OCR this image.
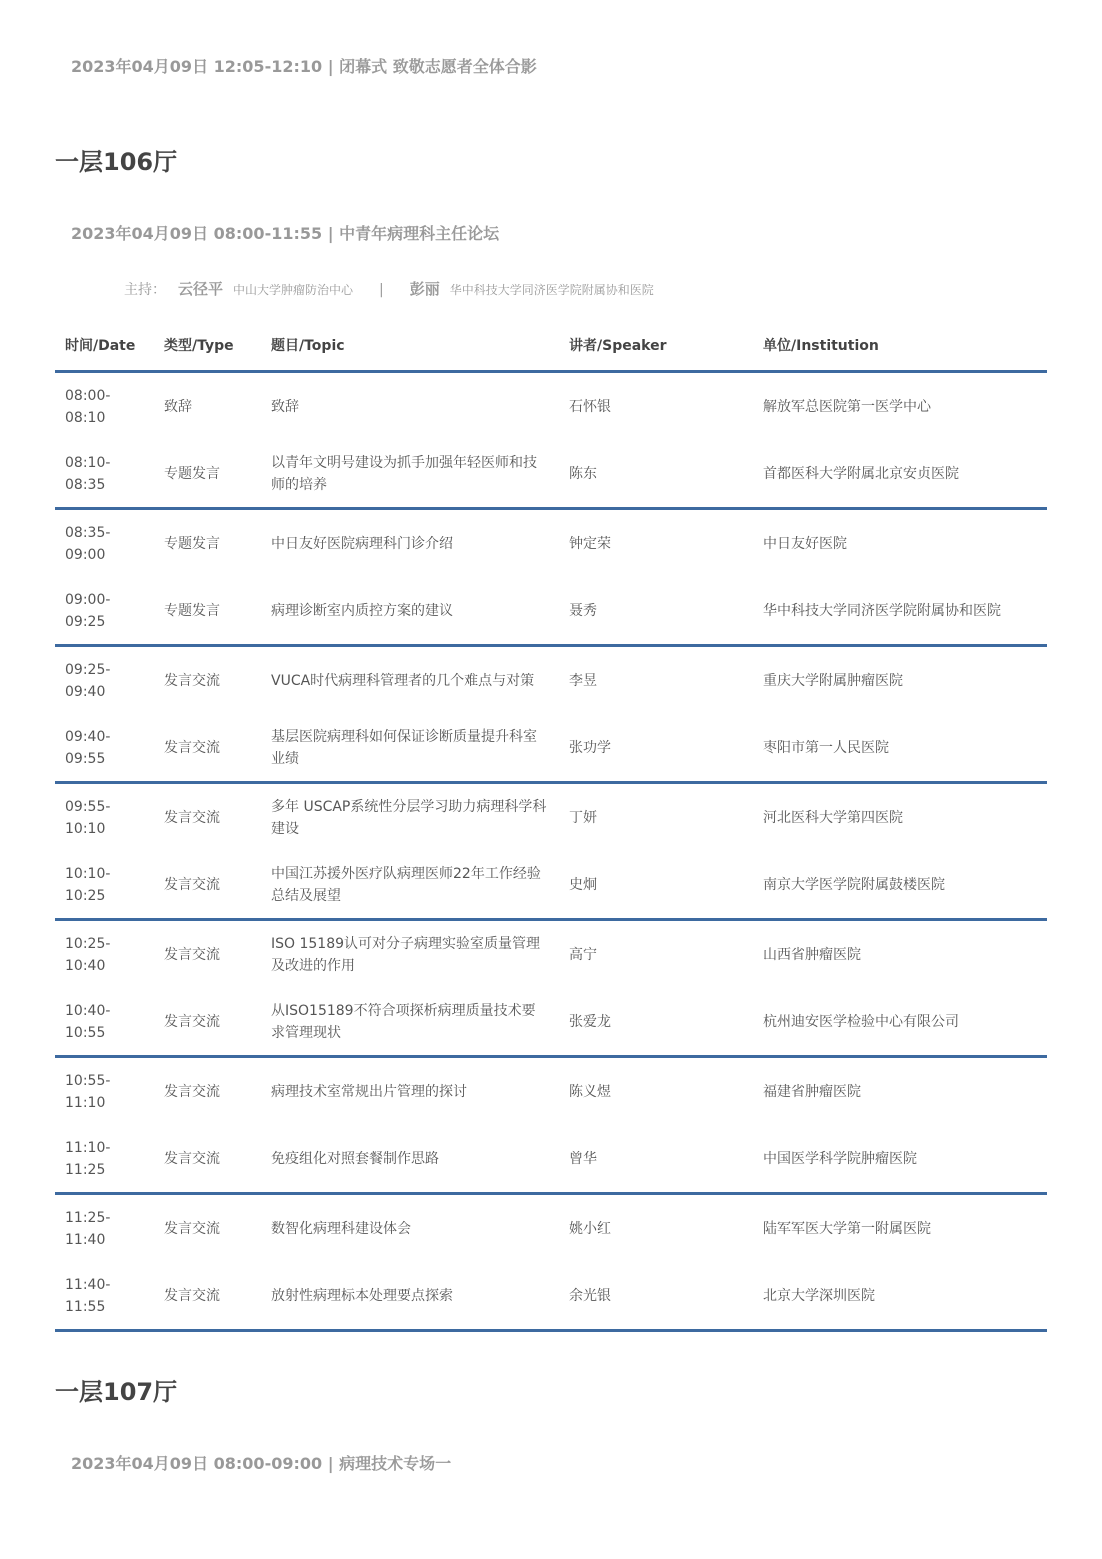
2023年04月09日 12:05-12:10 | 闭幕式 致敬志愿者全体合影
一层106厅
2023年04月09日 08:00-11:55 | 中青年病理科主任论坛
主持： 云径平 中山大学肿瘤防治中心 | 彭丽 华中科技大学同济医学院附属协和医院
时间/Date	类型/Type	题目/Topic	讲者/Speaker	单位/Institution
08:00-
08:10	致辞	致辞	石怀银	解放军总医院第一医学中心
08:10-
08:35	专题发言	以青年文明号建设为抓手加强年轻医师和技师的培养	陈东	首都医科大学附属北京安贞医院
08:35-
09:00	专题发言	中日友好医院病理科门诊介绍	钟定荣	中日友好医院
09:00-
09:25	专题发言	病理诊断室内质控方案的建议	聂秀	华中科技大学同济医学院附属协和医院
09:25-
09:40	发言交流	VUCA时代病理科管理者的几个难点与对策	李昱	重庆大学附属肿瘤医院
09:40-
09:55	发言交流	基层医院病理科如何保证诊断质量提升科室业绩	张功学	枣阳市第一人民医院
09:55-
10:10	发言交流	多年 USCAP系统性分层学习助力病理科学科建设	丁妍	河北医科大学第四医院
10:10-
10:25	发言交流	中国江苏援外医疗队病理医师22年工作经验总结及展望	史炯	南京大学医学院附属鼓楼医院
10:25-
10:40	发言交流	ISO 15189认可对分子病理实验室质量管理及改进的作用	高宁	山西省肿瘤医院
10:40-
10:55	发言交流	从ISO15189不符合项探析病理质量技术要求管理现状	张爱龙	杭州迪安医学检验中心有限公司
10:55-
11:10	发言交流	病理技术室常规出片管理的探讨	陈义煜	福建省肿瘤医院
11:10-
11:25	发言交流	免疫组化对照套餐制作思路	曾华	中国医学科学院肿瘤医院
11:25-
11:40	发言交流	数智化病理科建设体会	姚小红	陆军军医大学第一附属医院
11:40-
11:55	发言交流	放射性病理标本处理要点探索	余光银	北京大学深圳医院
一层107厅
2023年04月09日 08:00-09:00 | 病理技术专场一
